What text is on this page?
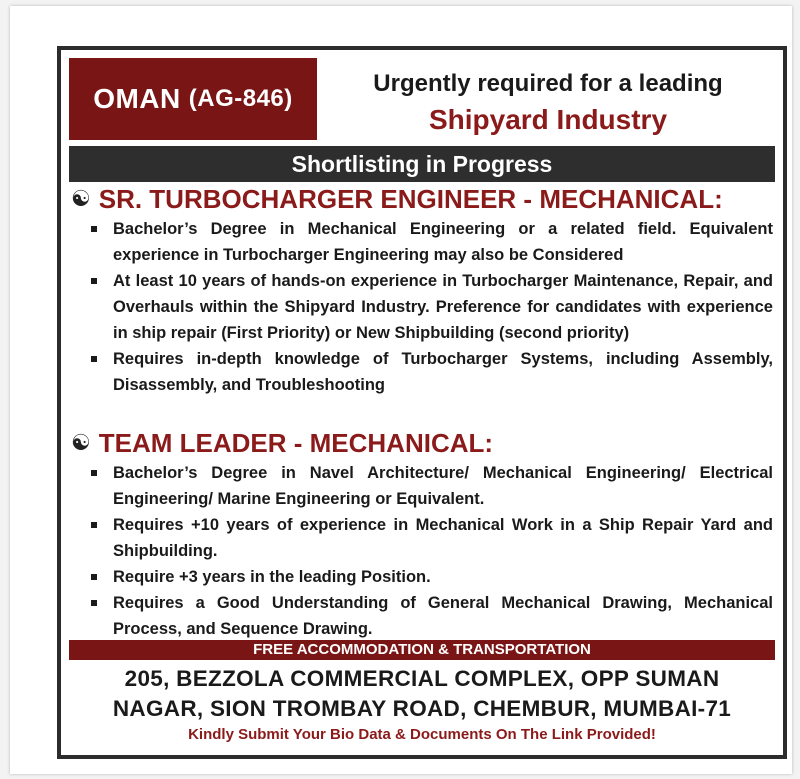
OMAN (AG-846)
Urgently required for a leading
Shipyard Industry
Shortlisting in Progress
☯ SR. TURBOCHARGER ENGINEER - MECHANICAL:
Bachelor’s Degree in Mechanical Engineering or a related field. Equivalent experience in Turbocharger Engineering may also be Considered
At least 10 years of hands-on experience in Turbocharger Maintenance, Repair, and Overhauls within the Shipyard Industry. Preference for candidates with experience in ship repair (First Priority) or New Shipbuilding (second priority)
Requires in-depth knowledge of Turbocharger Systems, including Assembly, Disassembly, and Troubleshooting
☯ TEAM LEADER - MECHANICAL:
Bachelor’s Degree in Navel Architecture/ Mechanical Engineering/ Electrical Engineering/ Marine Engineering or Equivalent.
Requires +10 years of experience in Mechanical Work in a Ship Repair Yard and Shipbuilding.
Require +3 years in the leading Position.
Requires a Good Understanding of General Mechanical Drawing, Mechanical Process, and Sequence Drawing.
FREE ACCOMMODATION & TRANSPORTATION
205, BEZZOLA COMMERCIAL COMPLEX, OPP SUMAN
NAGAR, SION TROMBAY ROAD, CHEMBUR, MUMBAI-71
Kindly Submit Your Bio Data & Documents On The Link Provided!
